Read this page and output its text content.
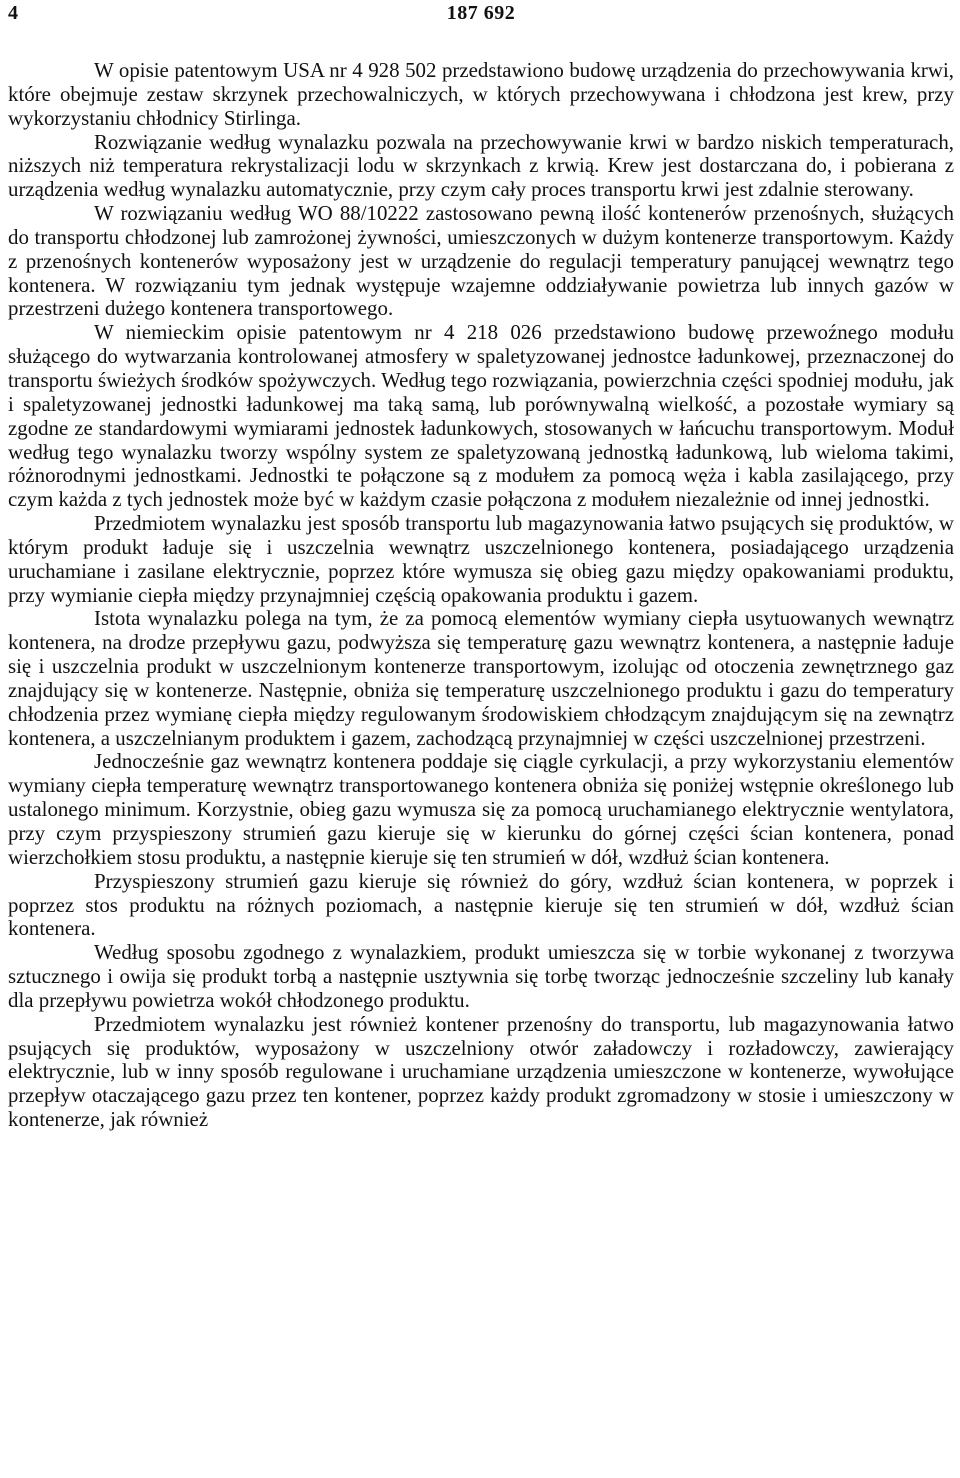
4	187 692

W opisie patentowym USA nr 4 928 502 przedstawiono budowę urządzenia do przechowywania krwi, które obejmuje zestaw skrzynek przechowalniczych, w których przechowywana i chłodzona jest krew, przy wykorzystaniu chłodnicy Stirlinga.

Rozwiązanie według wynalazku pozwala na przechowywanie krwi w bardzo niskich temperaturach, niższych niż temperatura rekrystalizacji lodu w skrzynkach z krwią. Krew jest dostarczana do, i pobierana z urządzenia według wynalazku automatycznie, przy czym cały proces transportu krwi jest zdalnie sterowany.

W rozwiązaniu według WO 88/10222 zastosowano pewną ilość kontenerów przenośnych, służących do transportu chłodzonej lub zamrożonej żywności, umieszczonych w dużym kontenerze transportowym. Każdy z przenośnych kontenerów wyposażony jest w urządzenie do regulacji temperatury panującej wewnątrz tego kontenera. W rozwiązaniu tym jednak występuje wzajemne oddziaływanie powietrza lub innych gazów w przestrzeni dużego kontenera transportowego.

W niemieckim opisie patentowym nr 4 218 026 przedstawiono budowę przewoźnego modułu służącego do wytwarzania kontrolowanej atmosfery w spaletyzowanej jednostce ładunkowej, przeznaczonej do transportu świeżych środków spożywczych. Według tego rozwiązania, powierzchnia części spodniej modułu, jak i spaletyzowanej jednostki ładunkowej ma taką samą, lub porównywalną wielkość, a pozostałe wymiary są zgodne ze standardowymi wymiarami jednostek ładunkowych, stosowanych w łańcuchu transportowym. Moduł według tego wynalazku tworzy wspólny system ze spaletyzowaną jednostką ładunkową, lub wieloma takimi, różnorodnymi jednostkami. Jednostki te połączone są z modułem za pomocą węża i kabla zasilającego, przy czym każda z tych jednostek może być w każdym czasie połączona z modułem niezależnie od innej jednostki.

Przedmiotem wynalazku jest sposób transportu lub magazynowania łatwo psujących się produktów, w którym produkt ładuje się i uszczelnia wewnątrz uszczelnionego kontenera, posiadającego urządzenia uruchamiane i zasilane elektrycznie, poprzez które wymusza się obieg gazu między opakowaniami produktu, przy wymianie ciepła między przynajmniej częścią opakowania produktu i gazem.

Istota wynalazku polega na tym, że za pomocą elementów wymiany ciepła usytuowanych wewnątrz kontenera, na drodze przepływu gazu, podwyższa się temperaturę gazu wewnątrz kontenera, a następnie ładuje się i uszczelnia produkt w uszczelnionym kontenerze transportowym, izolując od otoczenia zewnętrznego gaz znajdujący się w kontenerze. Następnie, obniża się temperaturę uszczelnionego produktu i gazu do temperatury chłodzenia przez wymianę ciepła między regulowanym środowiskiem chłodzącym znajdującym się na zewnątrz kontenera, a uszczelnianym produktem i gazem, zachodzącą przynajmniej w części uszczelnionej przestrzeni.

Jednocześnie gaz wewnątrz kontenera poddaje się ciągle cyrkulacji, a przy wykorzystaniu elementów wymiany ciepła temperaturę wewnątrz transportowanego kontenera obniża się poniżej wstępnie określonego lub ustalonego minimum. Korzystnie, obieg gazu wymusza się za pomocą uruchamianego elektrycznie wentylatora, przy czym przyspieszony strumień gazu kieruje się w kierunku do górnej części ścian kontenera, ponad wierzchołkiem stosu produktu, a następnie kieruje się ten strumień w dół, wzdłuż ścian kontenera.

Przyspieszony strumień gazu kieruje się również do góry, wzdłuż ścian kontenera, w poprzek i poprzez stos produktu na różnych poziomach, a następnie kieruje się ten strumień w dół, wzdłuż ścian kontenera.

Według sposobu zgodnego z wynalazkiem, produkt umieszcza się w torbie wykonanej z tworzywa sztucznego i owija się produkt torbą a następnie usztywnia się torbę tworząc jednocześnie szczeliny lub kanały dla przepływu powietrza wokół chłodzonego produktu.

Przedmiotem wynalazku jest również kontener przenośny do transportu, lub magazynowania łatwo psujących się produktów, wyposażony w uszczelniony otwór załadowczy i rozładowczy, zawierający elektrycznie, lub w inny sposób regulowane i uruchamiane urządzenia umieszczone w kontenerze, wywołujące przepływ otaczającego gazu przez ten kontener, poprzez każdy produkt zgromadzony w stosie i umieszczony w kontenerze, jak również
